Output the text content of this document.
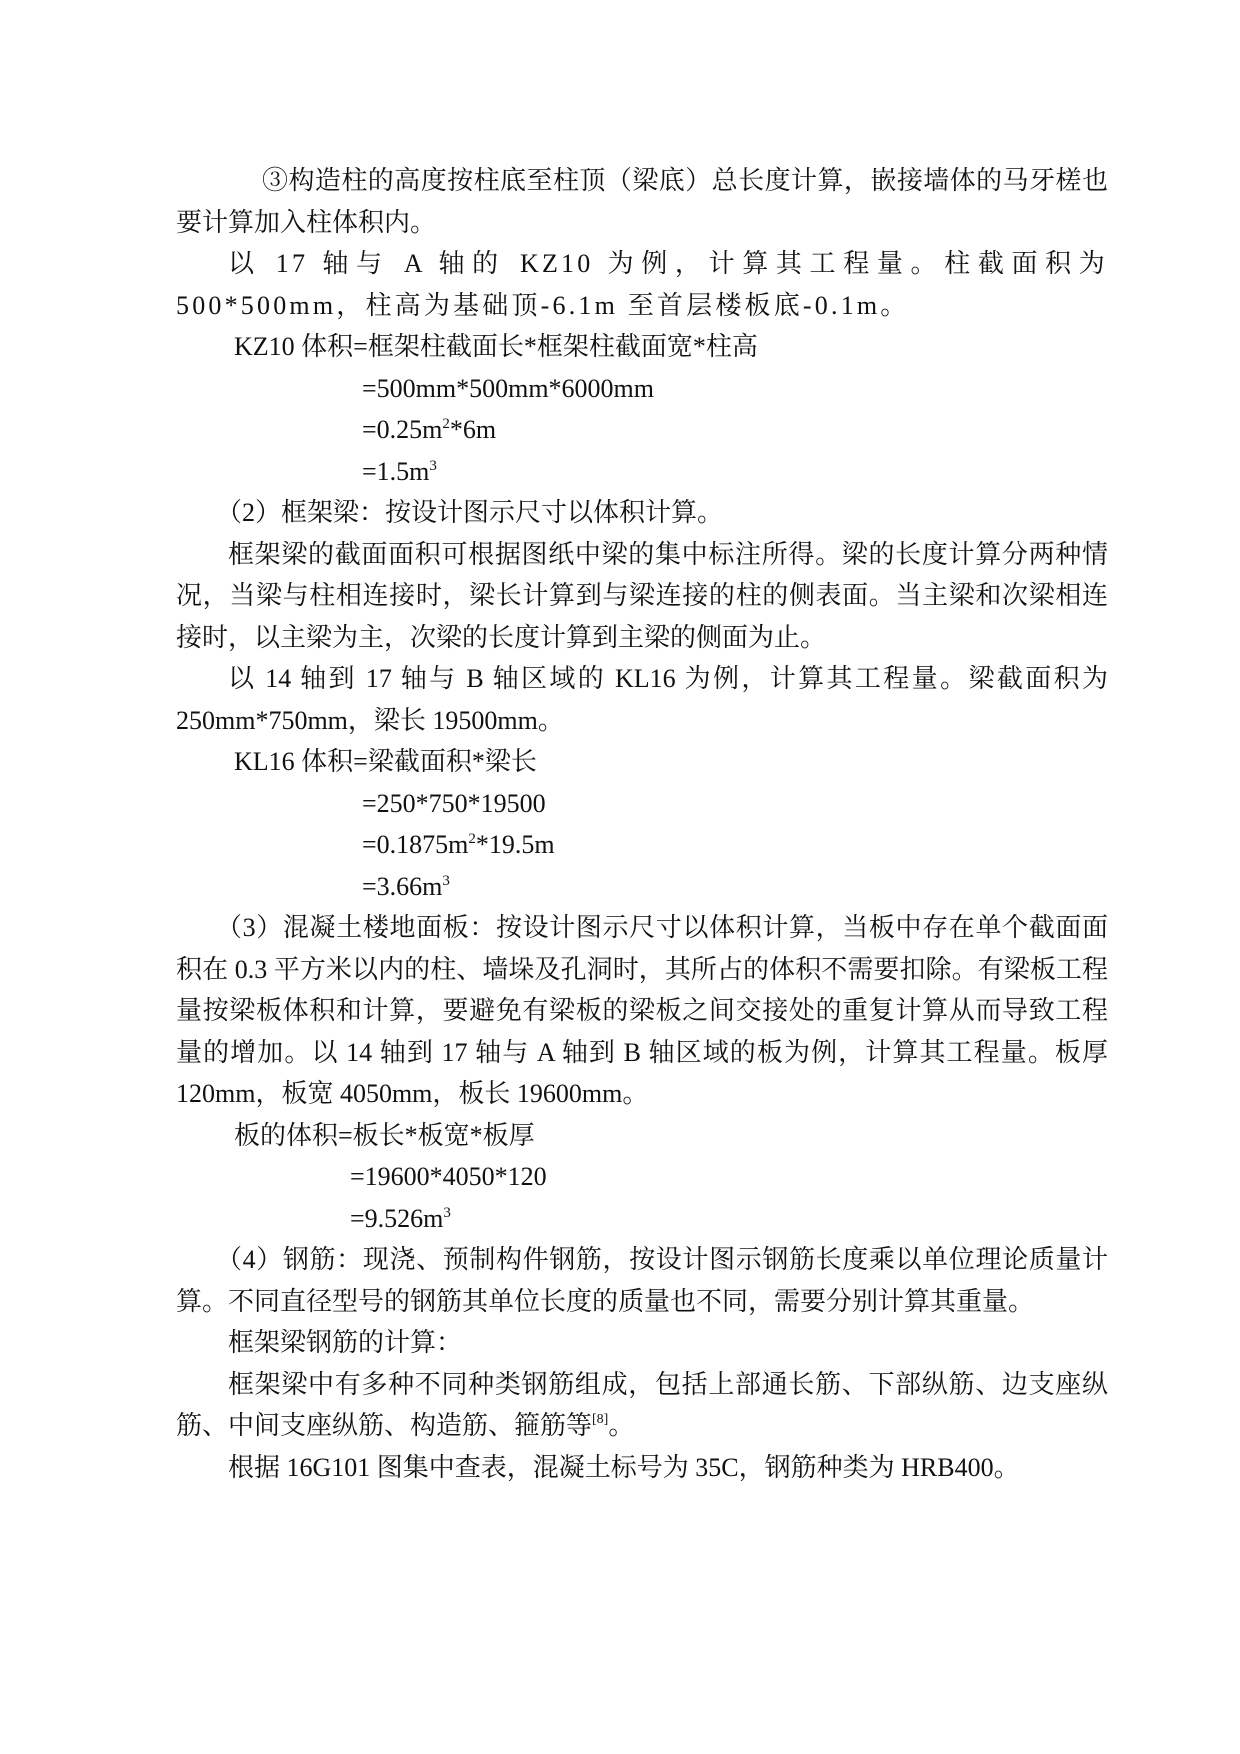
③构造柱的高度按柱底至柱顶（梁底）总长度计算，嵌接墙体的马牙槎也要计算加入柱体积内。

以 17 轴与 A 轴的 KZ10 为例，计算其工程量。柱截面积为500*500mm，柱高为基础顶-6.1m 至首层楼板底-0.1m。

KZ10 体积=框架柱截面长*框架柱截面宽*柱高

=500mm*500mm*6000mm

$=0.25m^2*6m$

$=1.5m^3$

（2）框架梁：按设计图示尺寸以体积计算。

框架梁的截面面积可根据图纸中梁的集中标注所得。梁的长度计算分两种情况，当梁与柱相连接时，梁长计算到与梁连接的柱的侧表面。当主梁和次梁相连接时，以主梁为主，次梁的长度计算到主梁的侧面为止。

以 14 轴到 17 轴与 B 轴区域的 KL16 为例，计算其工程量。梁截面积为 250mm*750mm，梁长 19500mm。

KL16 体积=梁截面积*梁长

=250*750*19500

$=0.1875m^2*19.5m$

$=3.66m^3$

（3）混凝土楼地面板：按设计图示尺寸以体积计算，当板中存在单个截面面积在 0.3 平方米以内的柱、墙垛及孔洞时，其所占的体积不需要扣除。有梁板工程量按梁板体积和计算，要避免有梁板的梁板之间交接处的重复计算从而导致工程量的增加。以 14 轴到 17 轴与 A 轴到 B 轴区域的板为例，计算其工程量。板厚 120mm，板宽 4050mm，板长 19600mm。

板的体积=板长*板宽*板厚

=19600*4050*120

$=9.526m^3$

（4）钢筋：现浇、预制构件钢筋，按设计图示钢筋长度乘以单位理论质量计算。不同直径型号的钢筋其单位长度的质量也不同，需要分别计算其重量。

框架梁钢筋的计算：

框架梁中有多种不同种类钢筋组成，包括上部通长筋、下部纵筋、边支座纵筋、中间支座纵筋、构造筋、箍筋等[8]。

根据 16G101 图集中查表，混凝土标号为 35C，钢筋种类为 HRB400。
